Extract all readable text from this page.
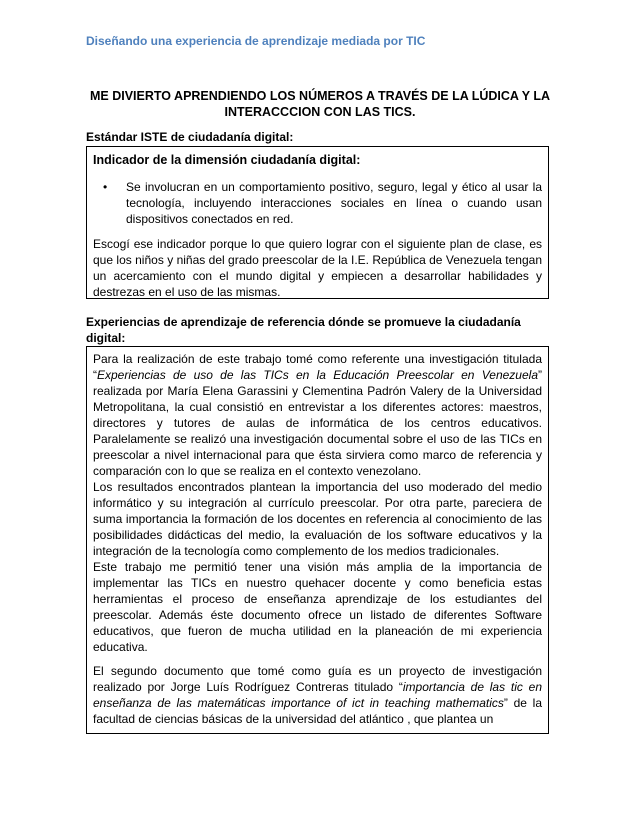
Diseñando una experiencia de aprendizaje mediada por TIC
ME DIVIERTO APRENDIENDO LOS NÚMEROS A TRAVÉS DE LA LÚDICA Y LA INTERACCCION CON LAS TICS.
Estándar ISTE de ciudadanía digital:
Indicador de la dimensión ciudadanía digital:
• Se involucran en un comportamiento positivo, seguro, legal y ético al usar la tecnología, incluyendo interacciones sociales en línea o cuando usan dispositivos conectados en red.

Escogí ese indicador porque lo que quiero lograr con el siguiente plan de clase, es que los niños y niñas del grado preescolar de la I.E. República de Venezuela tengan un acercamiento con el mundo digital y empiecen a desarrollar habilidades y destrezas en el uso de las mismas.

Experiencias de aprendizaje de referencia dónde se promueve la ciudadanía digital:

Para la realización de este trabajo tomé como referente una investigación titulada “Experiencias de uso de las TICs en la Educación Preescolar en Venezuela” realizada por María Elena Garassini y Clementina Padrón Valery de la Universidad Metropolitana, la cual consistió en entrevistar a los diferentes actores: maestros, directores y tutores de aulas de informática de los centros educativos. Paralelamente se realizó una investigación documental sobre el uso de las TICs en preescolar a nivel internacional para que ésta sirviera como marco de referencia y comparación con lo que se realiza en el contexto venezolano.

Los resultados encontrados plantean la importancia del uso moderado del medio informático y su integración al currículo preescolar. Por otra parte, pareciera de suma importancia la formación de los docentes en referencia al conocimiento de las posibilidades didácticas del medio, la evaluación de los software educativos y la integración de la tecnología como complemento de los medios tradicionales.

Este trabajo me permitió tener una visión más amplia de la importancia de implementar las TICs en nuestro quehacer docente y como beneficia estas herramientas el proceso de enseñanza aprendizaje de los estudiantes del preescolar. Además éste documento ofrece un listado de diferentes Software educativos, que fueron de mucha utilidad en la planeación de mi experiencia educativa.

El segundo documento que tomé como guía es un proyecto de investigación realizado por Jorge Luís Rodríguez Contreras titulado “importancia de las tic en enseñanza de las matemáticas importance of ict in teaching mathematics” de la facultad de ciencias básicas de la universidad del atlántico , que plantea un
